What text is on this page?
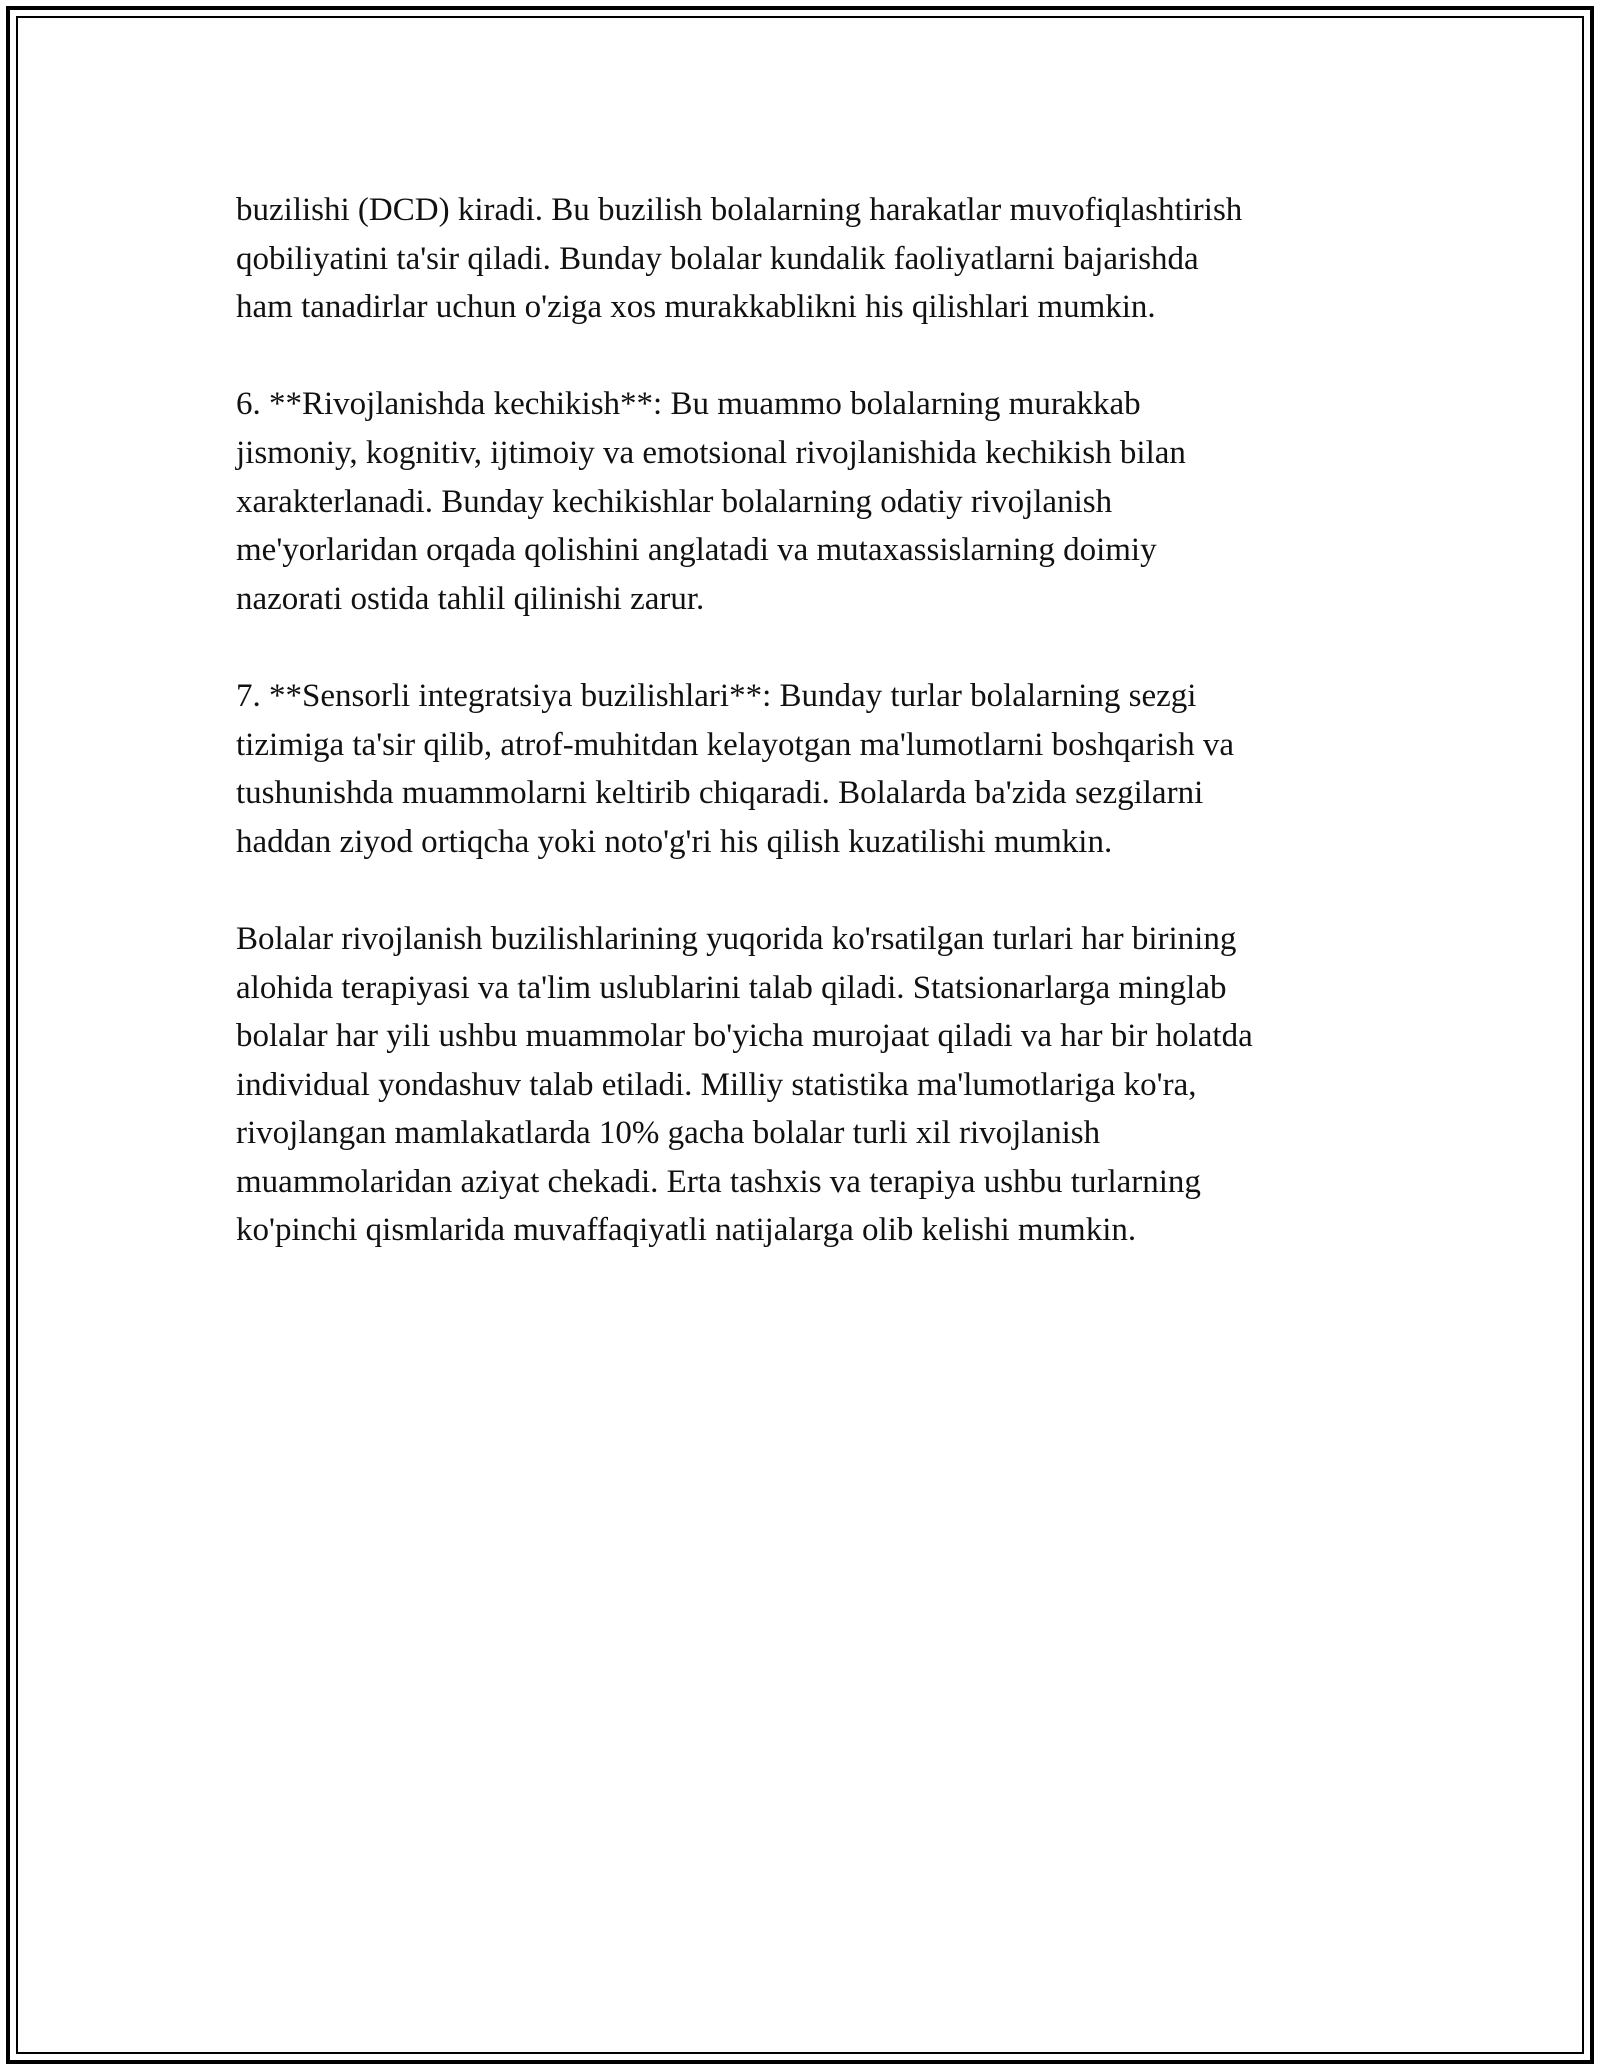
buzilishi (DCD) kiradi. Bu buzilish bolalarning harakatlar muvofiqlashtirish
qobiliyatini ta'sir qiladi. Bunday bolalar kundalik faoliyatlarni bajarishda
ham tanadirlar uchun o'ziga xos murakkablikni his qilishlari mumkin.

6. **Rivojlanishda kechikish**: Bu muammo bolalarning murakkab
jismoniy, kognitiv, ijtimoiy va emotsional rivojlanishida kechikish bilan
xarakterlanadi. Bunday kechikishlar bolalarning odatiy rivojlanish
me'yorlaridan orqada qolishini anglatadi va mutaxassislarning doimiy
nazorati ostida tahlil qilinishi zarur.

7. **Sensorli integratsiya buzilishlari**: Bunday turlar bolalarning sezgi
tizimiga ta'sir qilib, atrof-muhitdan kelayotgan ma'lumotlarni boshqarish va
tushunishda muammolarni keltirib chiqaradi. Bolalarda ba'zida sezgilarni
haddan ziyod ortiqcha yoki noto'g'ri his qilish kuzatilishi mumkin.

Bolalar rivojlanish buzilishlarining yuqorida ko'rsatilgan turlari har birining
alohida terapiyasi va ta'lim uslublarini talab qiladi. Statsionarlarga minglab
bolalar har yili ushbu muammolar bo'yicha murojaat qiladi va har bir holatda
individual yondashuv talab etiladi. Milliy statistika ma'lumotlariga ko'ra,
rivojlangan mamlakatlarda 10% gacha bolalar turli xil rivojlanish
muammolaridan aziyat chekadi. Erta tashxis va terapiya ushbu turlarning
ko'pinchi qismlarida muvaffaqiyatli natijalarga olib kelishi mumkin.
